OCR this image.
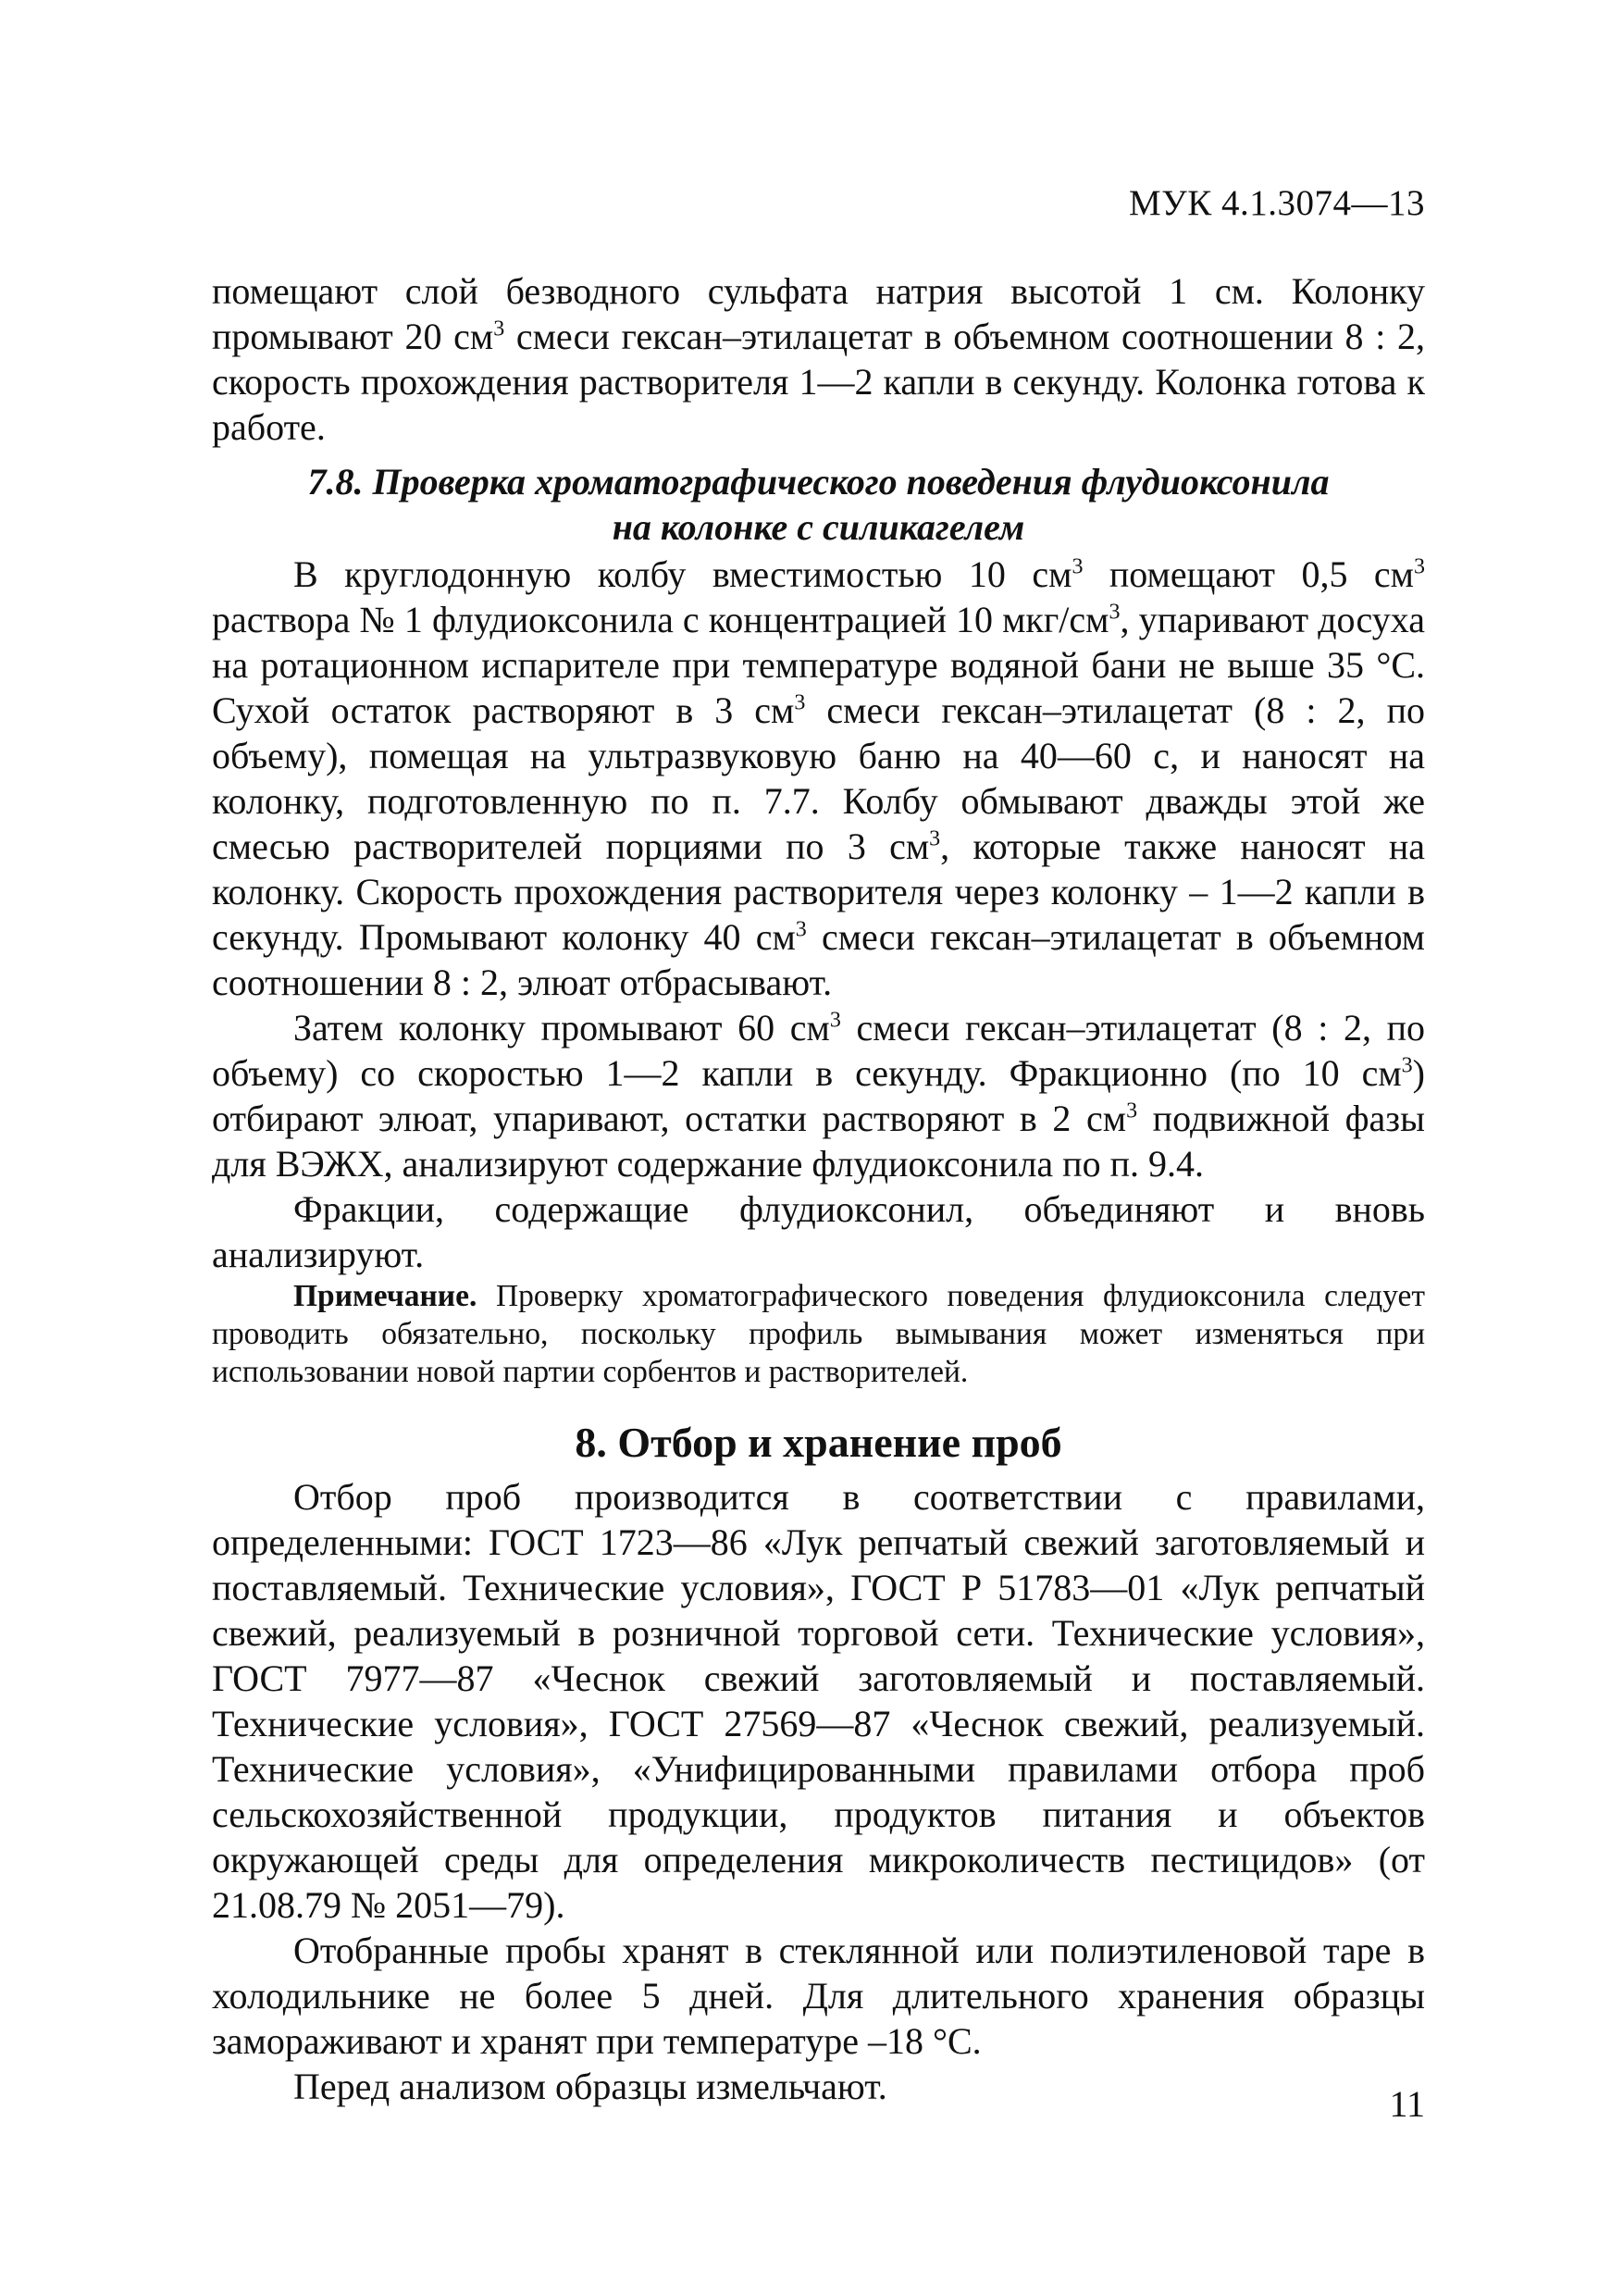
МУК 4.1.3074—13

помещают слой безводного сульфата натрия высотой 1 см. Колонку промывают 20 $см^3$ смеси гексан–этилацетат в объемном соотношении 8 : 2, скорость прохождения растворителя 1—2 капли в секунду. Колонка готова к работе.

7.8. Проверка хроматографического поведения флудиоксонила
на колонке с силикагелем

В круглодонную колбу вместимостью 10 $см^3$ помещают 0,5 $см^3$ раствора № 1 флудиоксонила с концентрацией 10 мкг/$см^3$, упаривают досуха на ротационном испарителе при температуре водяной бани не выше 35 °С. Сухой остаток растворяют в 3 $см^3$ смеси гексан–этилацетат (8 : 2, по объему), помещая на ультразвуковую баню на 40—60 с, и наносят на колонку, подготовленную по п. 7.7. Колбу обмывают дважды этой же смесью растворителей порциями по 3 $см^3$, которые также наносят на колонку. Скорость прохождения растворителя через колонку – 1—2 капли в секунду. Промывают колонку 40 $см^3$ смеси гексан–этилацетат в объемном соотношении 8 : 2, элюат отбрасывают.

Затем колонку промывают 60 $см^3$ смеси гексан–этилацетат (8 : 2, по объему) со скоростью 1—2 капли в секунду. Фракционно (по 10 $см^3$) отбирают элюат, упаривают, остатки растворяют в 2 $см^3$ подвижной фазы для ВЭЖХ, анализируют содержание флудиоксонила по п. 9.4.

Фракции, содержащие флудиоксонил, объединяют и вновь анализируют.

Примечание. Проверку хроматографического поведения флудиоксонила следует проводить обязательно, поскольку профиль вымывания может изменяться при использовании новой партии сорбентов и растворителей.

8. Отбор и хранение проб

Отбор проб производится в соответствии с правилами, определенными: ГОСТ 1723—86 «Лук репчатый свежий заготовляемый и поставляемый. Технические условия», ГОСТ Р 51783—01 «Лук репчатый свежий, реализуемый в розничной торговой сети. Технические условия», ГОСТ 7977—87 «Чеснок свежий заготовляемый и поставляемый. Технические условия», ГОСТ 27569—87 «Чеснок свежий, реализуемый. Технические условия», «Унифицированными правилами отбора проб сельскохозяйственной продукции, продуктов питания и объектов окружающей среды для определения микроколичеств пестицидов» (от 21.08.79 № 2051—79).

Отобранные пробы хранят в стеклянной или полиэтиленовой таре в холодильнике не более 5 дней. Для длительного хранения образцы замораживают и хранят при температуре –18 °С.

Перед анализом образцы измельчают.	11
